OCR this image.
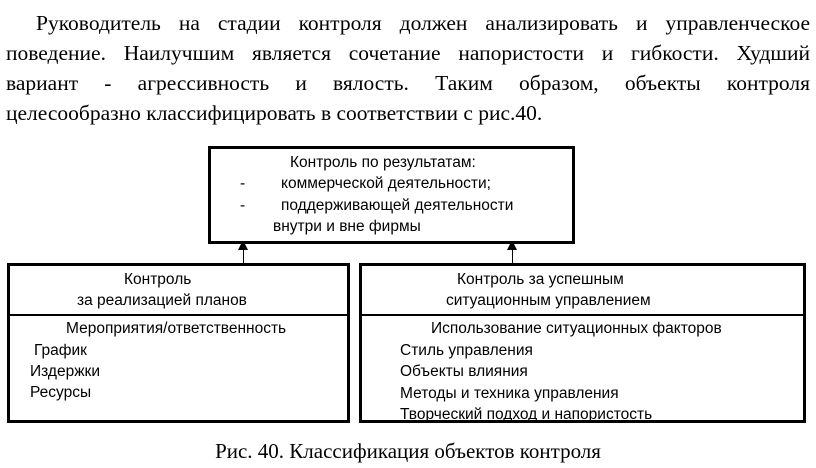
Руководитель на стадии контроля должен анализировать и управленческое
поведение. Наилучшим является сочетание напористости и гибкости. Худший
вариант - агрессивность и вялость. Таким образом, объекты контроля
целесообразно классифицировать в соответствии с рис.40.
Контроль по результатам:
- коммерческой деятельности;
- поддерживающей деятельности
внутри и вне фирмы
Контроль
за реализацией планов
Мероприятия/ответственность
График
Издержки
Ресурсы
Контроль за успешным
ситуационным управлением
Использование ситуационных факторов
Стиль управления
Объекты влияния
Методы и техника управления
Творческий подход и напористость
Рис. 40. Классификация объектов контроля
